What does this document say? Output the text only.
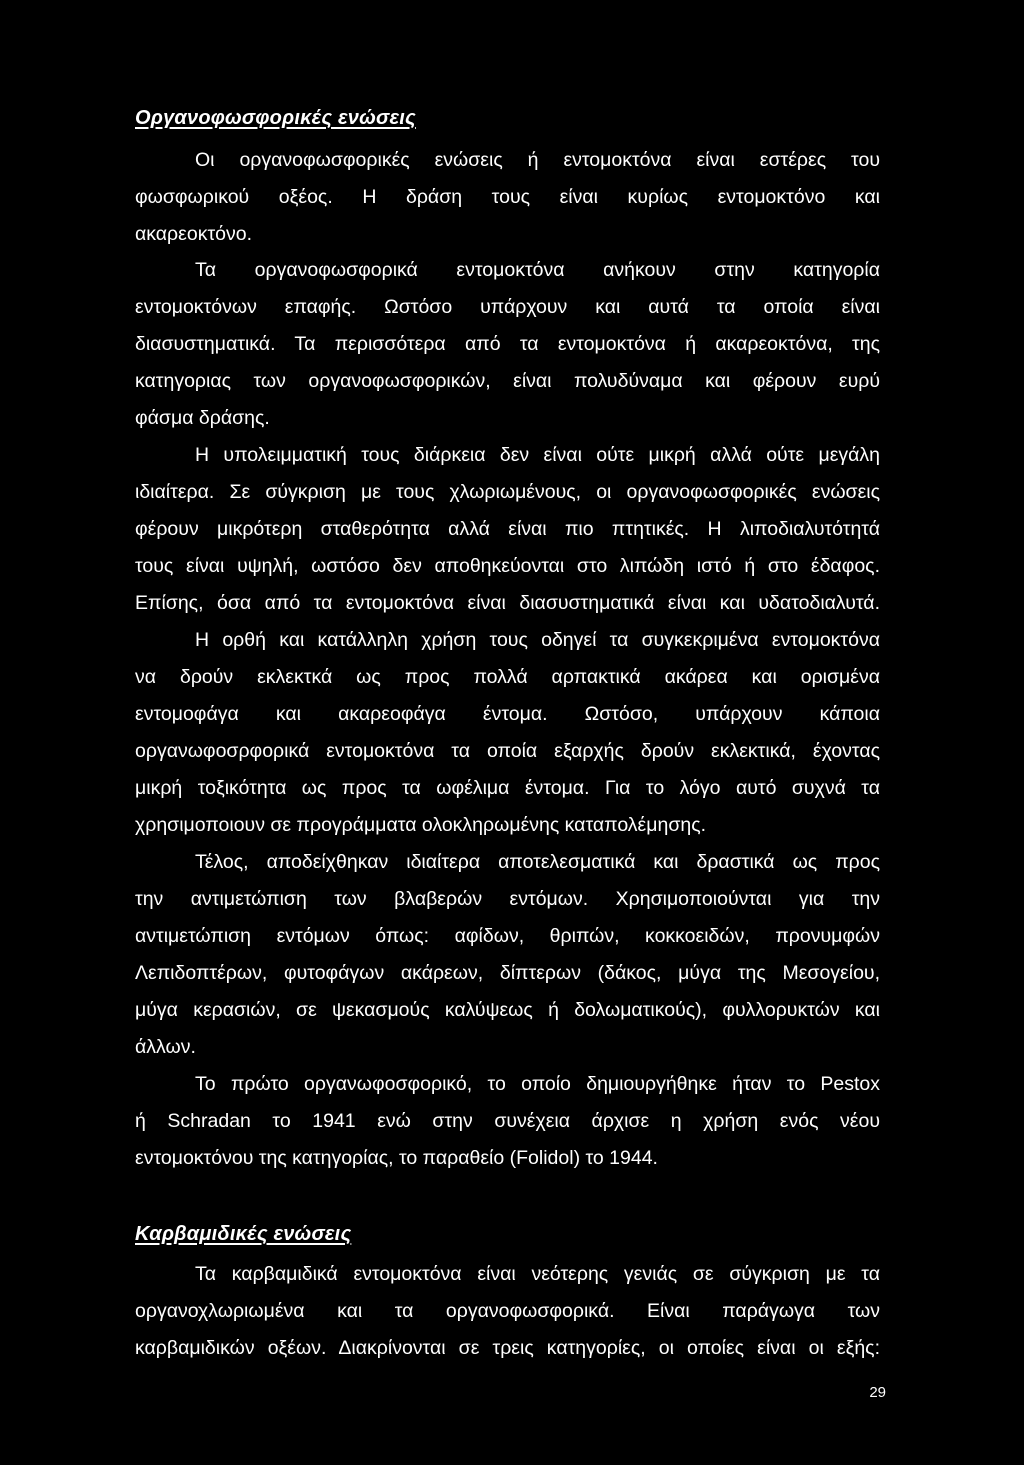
Οργανοφωσφορικές ενώσεις
Οι οργανοφωσφορικές ενώσεις ή εντομοκτόνα είναι εστέρες του
φωσφωρικού οξέος. Η δράση τους είναι κυρίως εντομοκτόνο και
ακαρεοκτόνο.
Τα οργανοφωσφορικά εντομοκτόνα ανήκουν στην κατηγορία
εντομοκτόνων επαφής. Ωστόσο υπάρχουν και αυτά τα οποία είναι
διασυστηματικά. Τα περισσότερα από τα εντομοκτόνα ή ακαρεοκτόνα, της
κατηγοριας των οργανοφωσφορικών, είναι πολυδύναμα και φέρουν ευρύ
φάσμα δράσης.
Η υπολειμματική τους διάρκεια δεν είναι ούτε μικρή αλλά ούτε μεγάλη
ιδιαίτερα. Σε σύγκριση με τους χλωριωμένους, οι οργανοφωσφορικές ενώσεις
φέρουν μικρότερη σταθερότητα αλλά είναι πιο πτητικές. Η λιποδιαλυτότητά
τους είναι υψηλή, ωστόσο δεν αποθηκεύονται στο λιπώδη ιστό ή στο έδαφος.
Επίσης, όσα από τα εντομοκτόνα είναι διασυστηματικά είναι και υδατοδιαλυτά.
Η ορθή και κατάλληλη χρήση τους οδηγεί τα συγκεκριμένα εντομοκτόνα
να δρούν εκλεκτκά ως προς πολλά αρπακτικά ακάρεα και ορισμένα
εντομοφάγα και ακαρεοφάγα έντομα. Ωστόσο, υπάρχουν κάποια
οργανωφοσρφορικά εντομοκτόνα τα οποία εξαρχής δρούν εκλεκτικά, έχοντας
μικρή τοξικότητα ως προς τα ωφέλιμα έντομα. Για το λόγο αυτό συχνά τα
χρησιμοποιουν σε προγράμματα ολοκληρωμένης καταπολέμησης.
Τέλος, αποδείχθηκαν ιδιαίτερα αποτελεσματικά και δραστικά ως προς
την αντιμετώπιση των βλαβερών εντόμων. Χρησιμοποιούνται για την
αντιμετώπιση εντόμων όπως: αφίδων, θριπών, κοκκοειδών, προνυμφών
Λεπιδοπτέρων, φυτοφάγων ακάρεων, δίπτερων (δάκος, μύγα της Μεσογείου,
μύγα κερασιών, σε ψεκασμούς καλύψεως ή δολωματικούς), φυλλορυκτών και
άλλων.
Το πρώτο οργανωφοσφορικό, το οποίο δημιουργήθηκε ήταν το Pestox
ή Schradan το 1941 ενώ στην συνέχεια άρχισε η χρήση ενός νέου
εντομοκτόνου της κατηγορίας, το παραθείο (Folidol) το 1944.
Καρβαμιδικές ενώσεις
Τα καρβαμιδικά εντομοκτόνα είναι νεότερης γενιάς σε σύγκριση με τα
οργανοχλωριωμένα και τα οργανοφωσφορικά. Είναι παράγωγα των
καρβαμιδικών οξέων. Διακρίνονται σε τρεις κατηγορίες, οι οποίες είναι οι εξής:
29
